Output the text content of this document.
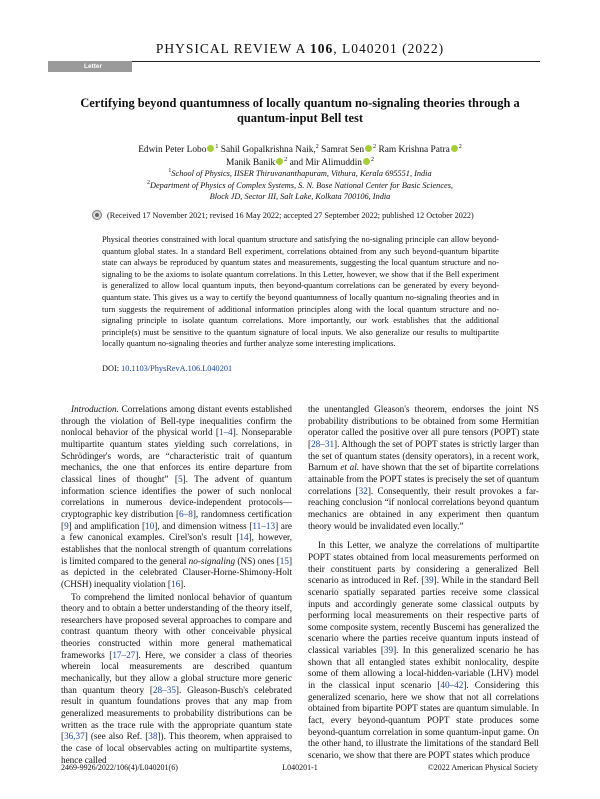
PHYSICAL REVIEW A 106, L040201 (2022)
Letter
Certifying beyond quantumness of locally quantum no-signaling theories through a quantum-input Bell test
Edwin Peter Lobo $^1$ Sahil Gopalkrishna Naik,$^2$ Samrat Sen $^2$ Ram Krishna Patra $^2$
Manik Banik $^2$ and Mir Alimuddin $^2$
$^1$School of Physics, IISER Thiruvananthapuram, Vithura, Kerala 695551, India
$^2$Department of Physics of Complex Systems, S. N. Bose National Center for Basic Sciences,
Block JD, Sector III, Salt Lake, Kolkata 700106, India
(Received 17 November 2021; revised 16 May 2022; accepted 27 September 2022; published 12 October 2022)
Physical theories constrained with local quantum structure and satisfying the no-signaling principle can allow beyond-quantum global states. In a standard Bell experiment, correlations obtained from any such beyond-quantum bipartite state can always be reproduced by quantum states and measurements, suggesting the local quantum structure and no-signaling to be the axioms to isolate quantum correlations. In this Letter, however, we show that if the Bell experiment is generalized to allow local quantum inputs, then beyond-quantum correlations can be generated by every beyond-quantum state. This gives us a way to certify the beyond quantumness of locally quantum no-signaling theories and in turn suggests the requirement of additional information principles along with the local quantum structure and no-signaling principle to isolate quantum correlations. More importantly, our work establishes that the additional principle(s) must be sensitive to the quantum signature of local inputs. We also generalize our results to multipartite locally quantum no-signaling theories and further analyze some interesting implications.
DOI: 10.1103/PhysRevA.106.L040201

Introduction. Correlations among distant events established through the violation of Bell-type inequalities confirm the nonlocal behavior of the physical world [1–4]. Nonseparable multipartite quantum states yielding such correlations, in Schrödinger's words, are “characteristic trait of quantum mechanics, the one that enforces its entire departure from classical lines of thought” [5]. The advent of quantum information science identifies the power of such nonlocal correlations in numerous device-independent protocols—cryptographic key distribution [6–8], randomness certification [9] and amplification [10], and dimension witness [11–13] are a few canonical examples. Cirel'son's result [14], however, establishes that the nonlocal strength of quantum correlations is limited compared to the general no-signaling (NS) ones [15] as depicted in the celebrated Clauser-Horne-Shimony-Holt (CHSH) inequality violation [16].

To comprehend the limited nonlocal behavior of quantum theory and to obtain a better understanding of the theory itself, researchers have proposed several approaches to compare and contrast quantum theory with other conceivable physical theories constructed within more general mathematical frameworks [17–27]. Here, we consider a class of theories wherein local measurements are described quantum mechanically, but they allow a global structure more generic than quantum theory [28–35]. Gleason-Busch's celebrated result in quantum foundations proves that any map from generalized measurements to probability distributions can be written as the trace rule with the appropriate quantum state [36,37] (see also Ref. [38]). This theorem, when appraised to the case of local observables acting on multipartite systems, hence called

the unentangled Gleason's theorem, endorses the joint NS probability distributions to be obtained from some Hermitian operator called the positive over all pure tensors (POPT) state [28–31]. Although the set of POPT states is strictly larger than the set of quantum states (density operators), in a recent work, Barnum et al. have shown that the set of bipartite correlations attainable from the POPT states is precisely the set of quantum correlations [32]. Consequently, their result provokes a far-reaching conclusion “if nonlocal correlations beyond quantum mechanics are obtained in any experiment then quantum theory would be invalidated even locally.”

In this Letter, we analyze the correlations of multipartite POPT states obtained from local measurements performed on their constituent parts by considering a generalized Bell scenario as introduced in Ref. [39]. While in the standard Bell scenario spatially separated parties receive some classical inputs and accordingly generate some classical outputs by performing local measurements on their respective parts of some composite system, recently Buscemi has generalized the scenario where the parties receive quantum inputs instead of classical variables [39]. In this generalized scenario he has shown that all entangled states exhibit nonlocality, despite some of them allowing a local-hidden-variable (LHV) model in the classical input scenario [40–42]. Considering this generalized scenario, here we show that not all correlations obtained from bipartite POPT states are quantum simulable. In fact, every beyond-quantum POPT state produces some beyond-quantum correlation in some quantum-input game. On the other hand, to illustrate the limitations of the standard Bell scenario, we show that there are POPT states which produce

2469-9926/2022/106(4)/L040201(6)	L040201-1	©2022 American Physical Society
